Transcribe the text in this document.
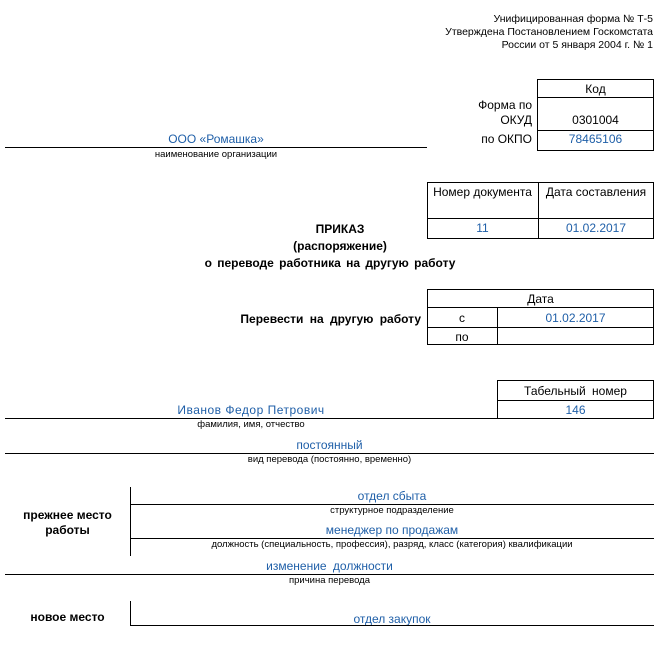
Унифицированная форма № Т-5
Утверждена Постановлением Госкомстата
России от 5 января 2004 г. № 1
Код
Форма по
ОКУД	0301004
по ОКПО	78465106
ООО «Ромашка»
наименование организации
Номер документа	Дата составления
11	01.02.2017
ПРИКАЗ
(распоряжение)
о переводе работника на другую работу
Перевести на другую работу
Дата
с	01.02.2017
по
Табельный номер
146
Иванов Федор Петрович
фамилия, имя, отчество
постоянный
вид перевода (постоянно, временно)
прежнее место
работы
отдел сбыта
структурное подразделение
менеджер по продажам
должность (специальность, профессия), разряд, класс (категория) квалификации
изменение должности
причина перевода
новое место	отдел закупок
